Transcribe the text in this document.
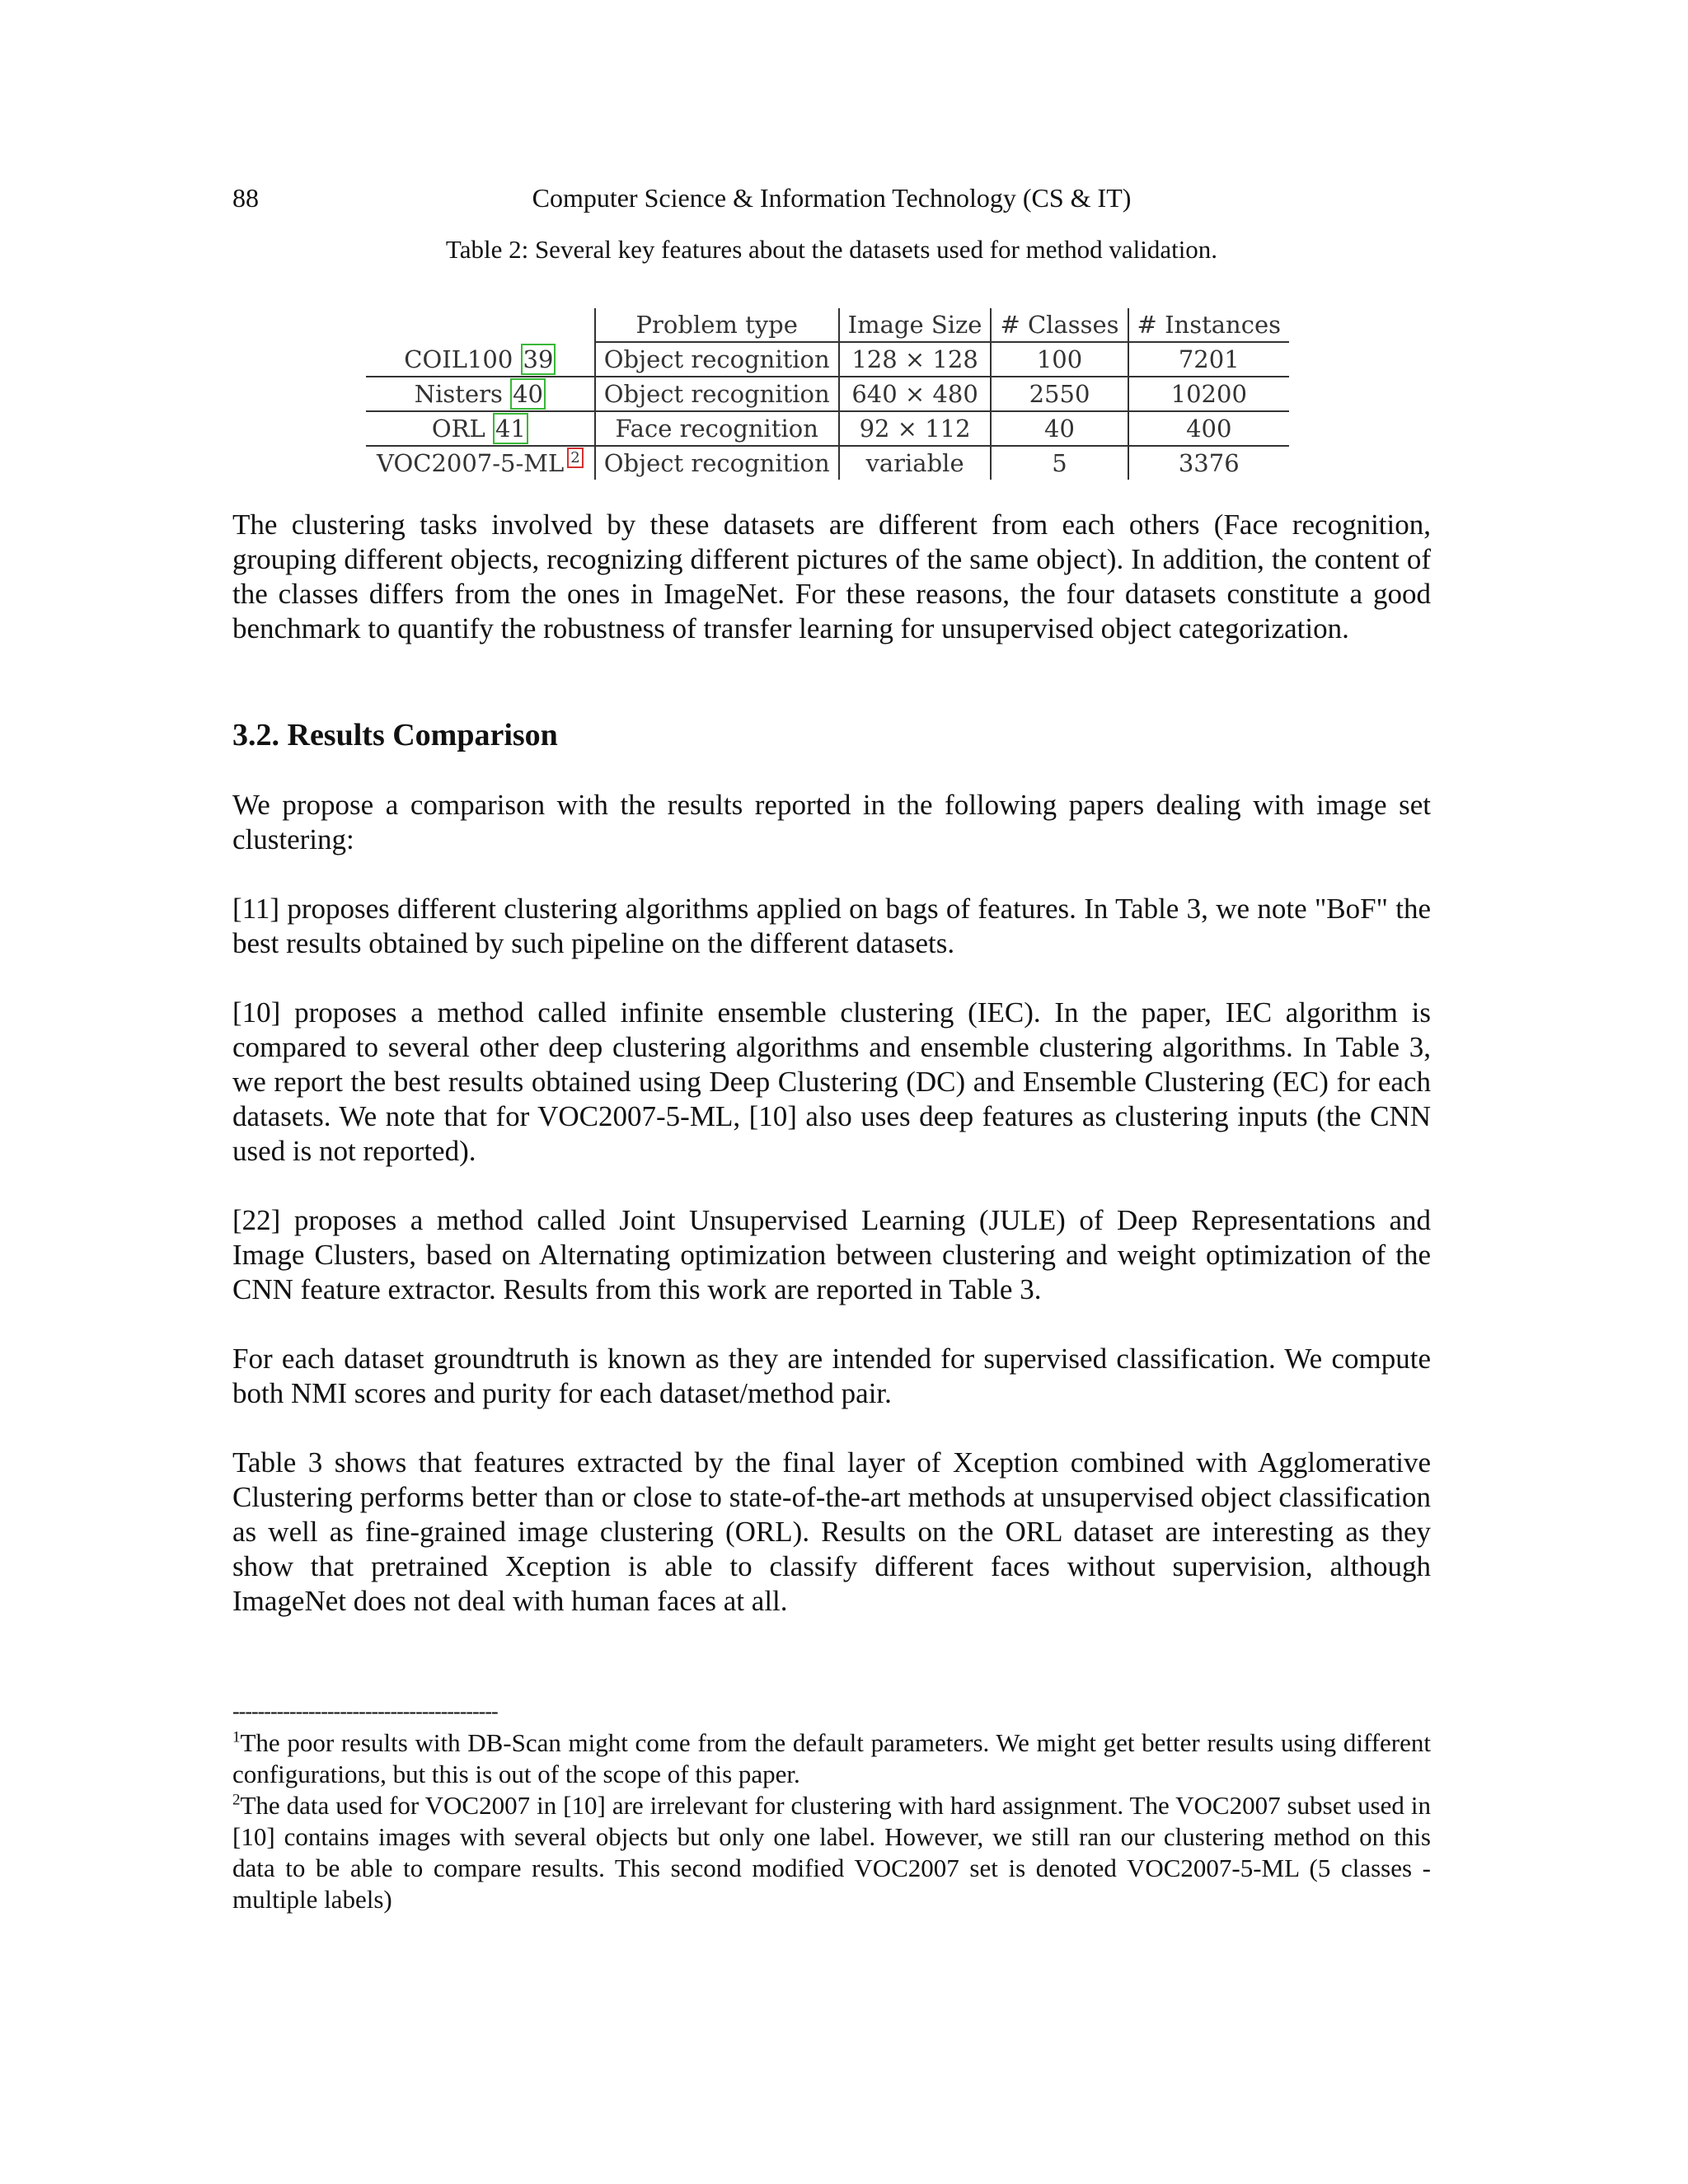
88	Computer Science & Information Technology (CS & IT)
Table 2: Several key features about the datasets used for method validation.
	Problem type	Image Size	# Classes	# Instances
COIL100 39	Object recognition	128 × 128	100	7201
Nisters 40	Object recognition	640 × 480	2550	10200
ORL 41	Face recognition	92 × 112	40	400
VOC2007-5-ML $^2$	Object recognition	variable	5	3376

The clustering tasks involved by these datasets are different from each others (Face recognition, grouping different objects, recognizing different pictures of the same object). In addition, the content of the classes differs from the ones in ImageNet. For these reasons, the four datasets constitute a good benchmark to quantify the robustness of transfer learning for unsupervised object categorization.

3.2. Results Comparison

We propose a comparison with the results reported in the following papers dealing with image set clustering:

[11] proposes different clustering algorithms applied on bags of features. In Table 3, we note "BoF" the best results obtained by such pipeline on the different datasets.

[10] proposes a method called infinite ensemble clustering (IEC). In the paper, IEC algorithm is compared to several other deep clustering algorithms and ensemble clustering algorithms. In Table 3, we report the best results obtained using Deep Clustering (DC) and Ensemble Clustering (EC) for each datasets. We note that for VOC2007-5-ML, [10] also uses deep features as clustering inputs (the CNN used is not reported).

[22] proposes a method called Joint Unsupervised Learning (JULE) of Deep Representations and Image Clusters, based on Alternating optimization between clustering and weight optimization of the CNN feature extractor. Results from this work are reported in Table 3.

For each dataset groundtruth is known as they are intended for supervised classification. We compute both NMI scores and purity for each dataset/method pair.

Table 3 shows that features extracted by the final layer of Xception combined with Agglomerative Clustering performs better than or close to state-of-the-art methods at unsupervised object classification as well as fine-grained image clustering (ORL). Results on the ORL dataset are interesting as they show that pretrained Xception is able to classify different faces without supervision, although ImageNet does not deal with human faces at all.

------------------------------------------

$^1$The poor results with DB-Scan might come from the default parameters. We might get better results using different configurations, but this is out of the scope of this paper.

$^2$The data used for VOC2007 in [10] are irrelevant for clustering with hard assignment. The VOC2007 subset used in [10] contains images with several objects but only one label. However, we still ran our clustering method on this data to be able to compare results. This second modified VOC2007 set is denoted VOC2007-5-ML (5 classes - multiple labels)
